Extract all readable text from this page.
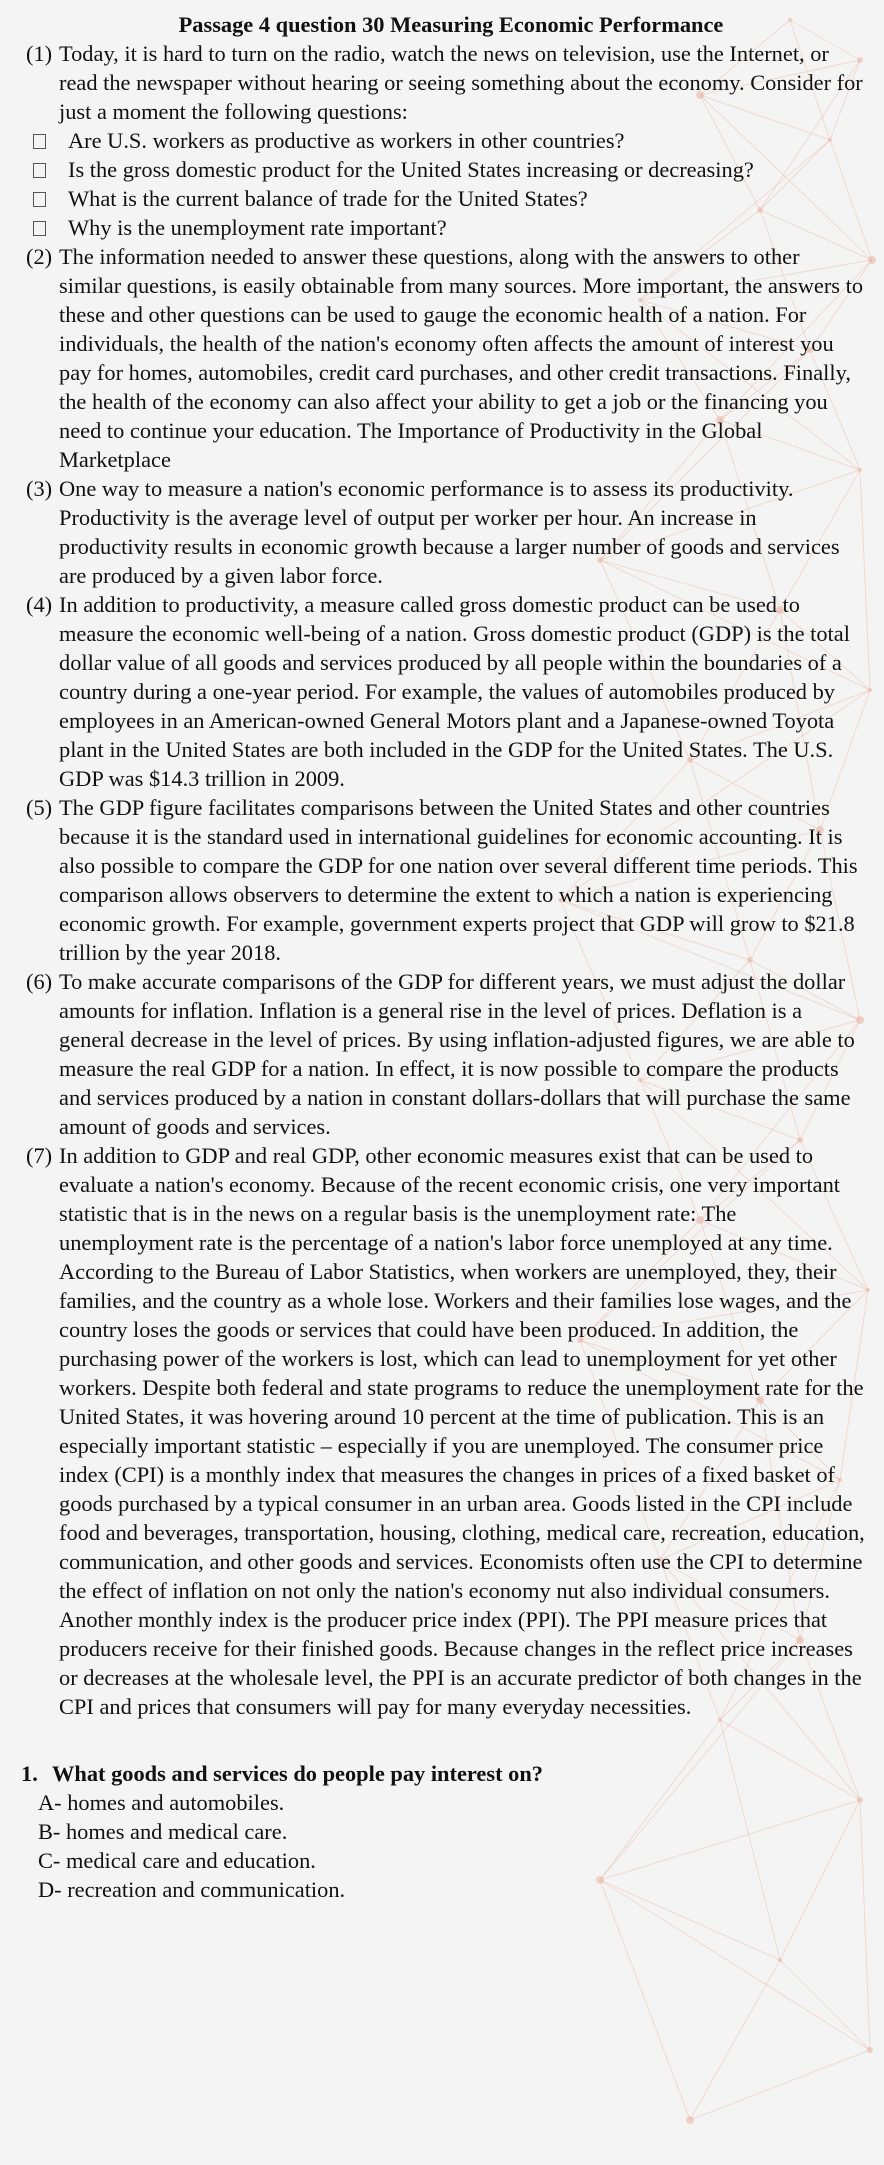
Passage 4 question 30 Measuring Economic Performance
(1) Today, it is hard to turn on the radio, watch the news on television, use the Internet, or read the newspaper without hearing or seeing something about the economy. Consider for just a moment the following questions:
Are U.S. workers as productive as workers in other countries?
Is the gross domestic product for the United States increasing or decreasing?
What is the current balance of trade for the United States?
Why is the unemployment rate important?
(2) The information needed to answer these questions, along with the answers to other similar questions, is easily obtainable from many sources. More important, the answers to these and other questions can be used to gauge the economic health of a nation. For individuals, the health of the nation's economy often affects the amount of interest you pay for homes, automobiles, credit card purchases, and other credit transactions. Finally, the health of the economy can also affect your ability to get a job or the financing you need to continue your education. The Importance of Productivity in the Global Marketplace
(3) One way to measure a nation's economic performance is to assess its productivity. Productivity is the average level of output per worker per hour. An increase in productivity results in economic growth because a larger number of goods and services are produced by a given labor force.
(4) In addition to productivity, a measure called gross domestic product can be used to measure the economic well-being of a nation. Gross domestic product (GDP) is the total dollar value of all goods and services produced by all people within the boundaries of a country during a one-year period. For example, the values of automobiles produced by employees in an American-owned General Motors plant and a Japanese-owned Toyota plant in the United States are both included in the GDP for the United States. The U.S. GDP was $14.3 trillion in 2009.
(5) The GDP figure facilitates comparisons between the United States and other countries because it is the standard used in international guidelines for economic accounting. It is also possible to compare the GDP for one nation over several different time periods. This comparison allows observers to determine the extent to which a nation is experiencing economic growth. For example, government experts project that GDP will grow to $21.8 trillion by the year 2018.
(6) To make accurate comparisons of the GDP for different years, we must adjust the dollar amounts for inflation. Inflation is a general rise in the level of prices. Deflation is a general decrease in the level of prices. By using inflation-adjusted figures, we are able to measure the real GDP for a nation. In effect, it is now possible to compare the products and services produced by a nation in constant dollars-dollars that will purchase the same amount of goods and services.
(7) In addition to GDP and real GDP, other economic measures exist that can be used to evaluate a nation's economy. Because of the recent economic crisis, one very important statistic that is in the news on a regular basis is the unemployment rate: The unemployment rate is the percentage of a nation's labor force unemployed at any time. According to the Bureau of Labor Statistics, when workers are unemployed, they, their families, and the country as a whole lose. Workers and their families lose wages, and the country loses the goods or services that could have been produced. In addition, the purchasing power of the workers is lost, which can lead to unemployment for yet other workers. Despite both federal and state programs to reduce the unemployment rate for the United States, it was hovering around 10 percent at the time of publication. This is an especially important statistic – especially if you are unemployed. The consumer price index (CPI) is a monthly index that measures the changes in prices of a fixed basket of goods purchased by a typical consumer in an urban area. Goods listed in the CPI include food and beverages, transportation, housing, clothing, medical care, recreation, education, communication, and other goods and services. Economists often use the CPI to determine the effect of inflation on not only the nation's economy nut also individual consumers. Another monthly index is the producer price index (PPI). The PPI measure prices that producers receive for their finished goods. Because changes in the reflect price increases or decreases at the wholesale level, the PPI is an accurate predictor of both changes in the CPI and prices that consumers will pay for many everyday necessities.
1. What goods and services do people pay interest on?
A- homes and automobiles.
B- homes and medical care.
C- medical care and education.
D- recreation and communication.
